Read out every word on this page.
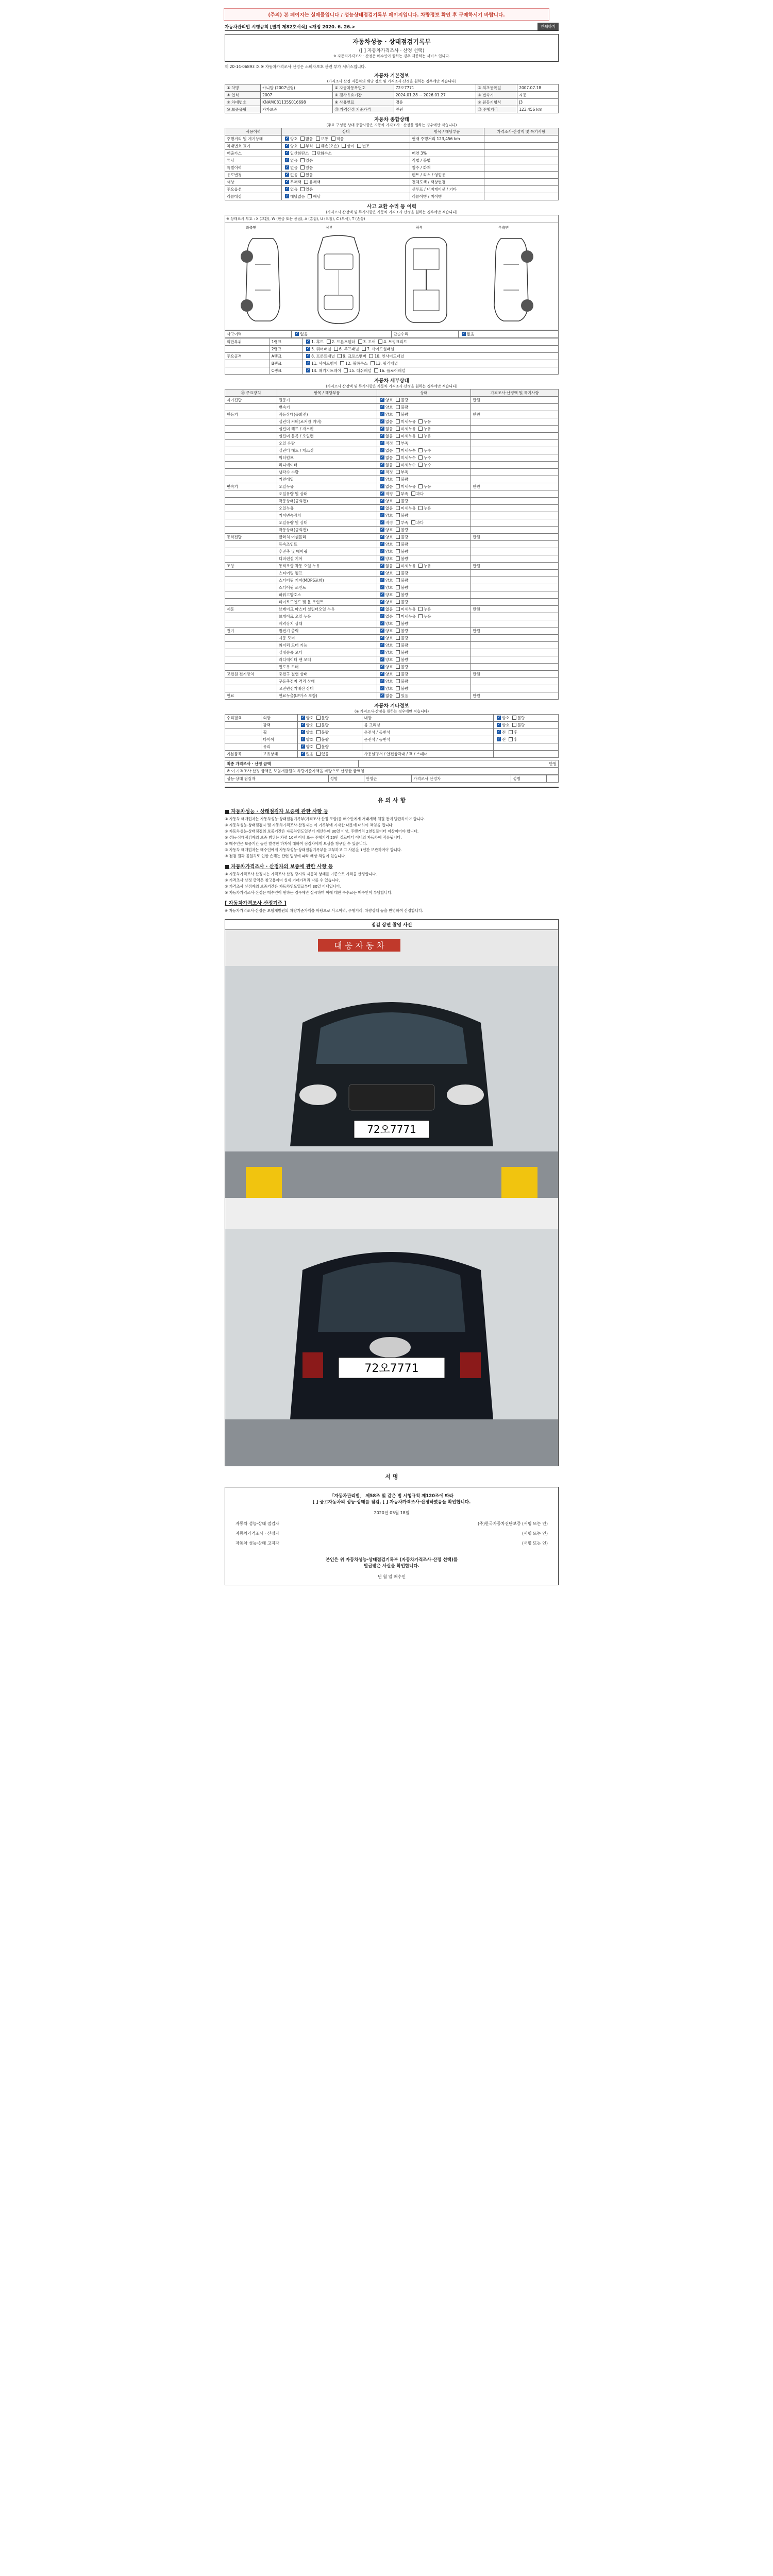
(주의) 본 페이지는 실매물입니다 / 성능상태점검기록부 페이지입니다. 차량정보 확인 후 구매하시기 바랍니다.
자동차관리법 시행규칙 [별지 제82호서식] <개정 2020. 6. 26.>	인쇄하기
자동차성능 · 상태점검기록부
([ ] 자동차가격조사 · 산정 선택)
※ 자동차가격조사 · 산정은 매수인이 원하는 경우 제공하는 서비스 입니다.
제 20-14-06893 호 ※ 자동차가격조사·산정은 소비자보호 관련 부가 서비스입니다.
자동차 기본정보
(가격조사 산정 자동차의 해당 정보 및 가격조사·산정을 원하는 경우에만 적습니다)
① 차명	카니발 (2007년형)	② 자동차등록번호	72오7771	③ 최초등록일	2007.07.18
④ 연식	2007	⑤ 검사유효기간	2024.01.28 ~ 2026.01.27	⑥ 변속기	자동
⑦ 차대번호	KNAMC81135S016698	⑧ 사용연료	경유	⑨ 원동기형식	J3
⑩ 보증유형	자가보증	⑪ 가격산정 기준가격	만원	⑫ 주행거리	123,456 km
자동차 종합상태
(주요 구성품 상태 종합사항은 자동차 가격조사 · 산정을 원하는 경우에만 적습니다)
사용이력	상태	항목 / 해당부품	가격조사·산정액 및 특기사항
주행거리 및 계기상태	✓양호 많음 보통 적음	현재 주행거리 123,456 km	
차대번호 표기	✓양호 부식 훼손(오손) 상이 변조		
배출가스	✓일산화탄소 탄화수소	매연 3%	
튜닝	✓없음 있음	적법 / 불법	
특별이력	✓없음 있음	침수 / 화재	
용도변경	✓없음 있음	렌트 / 리스 / 영업용	
색상	✓무채색 유채색	전체도색 / 색상변경	
주요옵션	✓없음 있음	선루프 / 내비게이션 / 기타	
리콜대상	✓해당없음 해당	리콜이행 / 미이행	
사고 교환 수리 등 이력
(가격조사 산정액 및 특기사항은 자동차 가격조사·산정을 원하는 경우에만 적습니다)
※ 상태표시 부호 : X (교환), W (판금 또는 용접), A (흠집), U (요철), C (부식), T (손상)
좌측면	상부	하부	우측면
사고이력	✓없음	단순수리	✓없음
외판부위	1랭크	✓1. 후드 2. 프론트휀더 3. 도어 4. 트렁크리드
	2랭크	✓5. 쿼터패널 6. 루프패널 7. 사이드실패널
주요골격	A랭크	✓8. 프론트패널 9. 크로스멤버 10. 인사이드패널
	B랭크	✓11. 사이드멤버 12. 휠하우스 13. 필러패널
	C랭크	✓14. 패키지트레이 15. 대쉬패널 16. 플로어패널
자동차 세부상태
(가격조사 산정액 및 특기사항은 자동차 가격조사·산정을 원하는 경우에만 적습니다)
⑬ 주요장치	항목 / 해당부품	상태	가격조사·산정액 및 특기사항
자기진단	원동기	✓양호 불량	만원
	변속기	✓양호 불량	
원동기	작동상태(공회전)	✓양호 불량	만원
	실린더 커버(로커암 커버)	✓없음 미세누유 누유	
	실린더 헤드 / 개스킷	✓없음 미세누유 누유	
	실린더 블록 / 오일팬	✓없음 미세누유 누유	
	오일 유량	✓적정 부족	
	실린더 헤드 / 개스킷	✓없음 미세누수 누수	
	워터펌프	✓없음 미세누수 누수	
	라디에이터	✓없음 미세누수 누수	
	냉각수 수량	✓적정 부족	
	커먼레일	✓양호 불량	
변속기	오일누유	✓없음 미세누유 누유	만원
	오일유량 및 상태	✓적정 부족 과다	
	작동상태(공회전)	✓양호 불량	
	오일누유	✓없음 미세누유 누유	
	기어변속장치	✓양호 불량	
	오일유량 및 상태	✓적정 부족 과다	
	작동상태(공회전)	✓양호 불량	
동력전달	클러치 어셈블리	✓양호 불량	만원
	등속조인트	✓양호 불량	
	추진축 및 베어링	✓양호 불량	
	디퍼렌셜 기어	✓양호 불량	
조향	동력조향 작동 오일 누유	✓없음 미세누유 누유	만원
	스티어링 펌프	✓양호 불량	
	스티어링 기어(MDPS포함)	✓양호 불량	
	스티어링 조인트	✓양호 불량	
	파워고압호스	✓양호 불량	
	타이로드엔드 및 볼 조인트	✓양호 불량	
제동	브레이크 마스터 실린더오일 누유	✓없음 미세누유 누유	만원
	브레이크 오일 누유	✓없음 미세누유 누유	
	배력장치 상태	✓양호 불량	
전기	발전기 출력	✓양호 불량	만원
	시동 모터	✓양호 불량	
	와이퍼 모터 기능	✓양호 불량	
	실내송풍 모터	✓양호 불량	
	라디에이터 팬 모터	✓양호 불량	
	윈도우 모터	✓양호 불량	
고전원 전기장치	충전구 절연 상태	✓양호 불량	만원
	구동축전지 격리 상태	✓양호 불량	
	고전원전기배선 상태	✓양호 불량	
연료	연료누출(LP가스 포함)	✓없음 있음	만원
자동차 기타정보
(※ 가격조사·산정을 원하는 경우에만 적습니다)
수리필요	외장	✓양호 불량	내장	✓양호 불량
	광택	✓양호 불량	룸 크리닝	✓양호 불량
	휠	✓양호 불량	운전석 / 동반석	✓전 후
	타이어	✓양호 불량	운전석 / 동반석	✓전 후
	유리	✓양호 불량		
기본품목	보유상태	✓없음 있음	사용설명서 / 안전삼각대 / 잭 / 스패너	
최종 가격조사 · 산정 금액	만원
※ 이 가격조사·산정 금액은 보험개발원의 차량기준가액을 바탕으로 산정한 금액임
성능·상태 점검자	성명	안영근	가격조사·산정자	성명	
유 의 사 항
■ 자동차성능 · 상태점검자 보증에 관한 사항 등

① 자동차 매매업자는 자동차성능·상태점검기록부(가격조사·산정 포함)를 매수인에게 거래계약 체결 전에 발급하여야 합니다.

② 자동차성능·상태점검자 및 자동차가격조사·산정자는 이 기록부에 기재한 내용에 대하여 책임을 집니다.

③ 자동차성능·상태점검의 보증기간은 자동차인도일부터 계산하여 30일 이상, 주행거리 2천킬로미터 이상이어야 합니다.

④ 성능·상태점검자의 보증 범위는 차령 10년 이내 또는 주행거리 20만 킬로미터 이내의 자동차에 적용됩니다.

⑤ 매수인은 보증기간 동안 발생한 하자에 대하여 점검자에게 보상을 청구할 수 있습니다.

⑥ 자동차 매매업자는 매수인에게 자동차성능·상태점검기록부를 교부하고 그 사본을 1년간 보관하여야 합니다.

⑦ 점검 결과 불일치로 인한 손해는 관련 법령에 따라 배상 책임이 있습니다.

■ 자동차가격조사 · 산정자의 보증에 관한 사항 등

① 자동차가격조사·산정자는 가격조사·산정 당시의 자동차 상태를 기준으로 가격을 산정합니다.

② 가격조사·산정 금액은 참고용이며 실제 거래가격과 다를 수 있습니다.

③ 가격조사·산정자의 보증기간은 자동차인도일로부터 30일 이내입니다.

④ 자동차가격조사·산정은 매수인이 원하는 경우에만 실시하며 이에 대한 수수료는 매수인이 부담합니다.

[ 자동차가격조사 산정기준 ]

※ 자동차가격조사·산정은 보험개발원의 차량기준가액을 바탕으로 사고이력, 주행거리, 차량상태 등을 반영하여 산정합니다.

점검 장면 촬영 사진
대 응 자 동 차
72오7771
72오7771
서 명
「자동차관리법」 제58조 및 같은 법 시행규칙 제120조에 따라
[ ] 중고자동차의 성능·상태를 점검, [ ] 자동차가격조사·산정하였음을 확인합니다.
2020년 05월 18일
자동차 성능·상태 점검자	(주)한국자동차진단보증 (서명 또는 인)
자동차가격조사 · 산정자	(서명 또는 인)
자동차 성능·상태 고지자	(서명 또는 인)
본인은 위 자동차성능·상태점검기록부 (자동차가격조사·산정 선택)를
발급받은 사실을 확인합니다.
년 월 일 매수인
